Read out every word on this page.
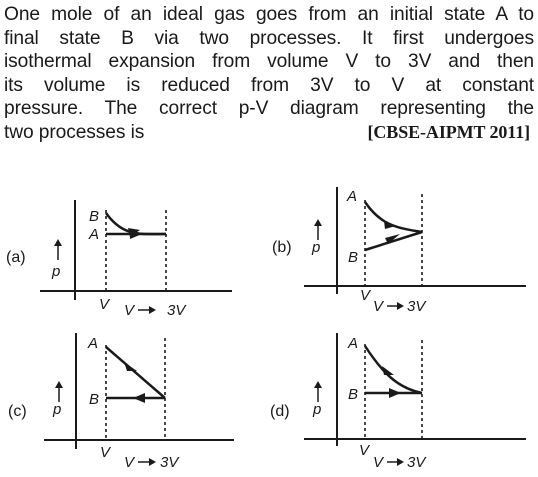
One mole of an ideal gas goes from an initial state A to
final state B via two processes. It first undergoes
isothermal expansion from volume V to 3V and then
its volume is reduced from 3V to V at constant
pressure. The correct p-V diagram representing the
two processes is	[CBSE-AIPMT 2011]
(a)
p
B
A
V V 3V
(b) p
A
B
V
V 3V
(c) p
A
B
V
V 3V
(d) p
A
B
V
V 3V
